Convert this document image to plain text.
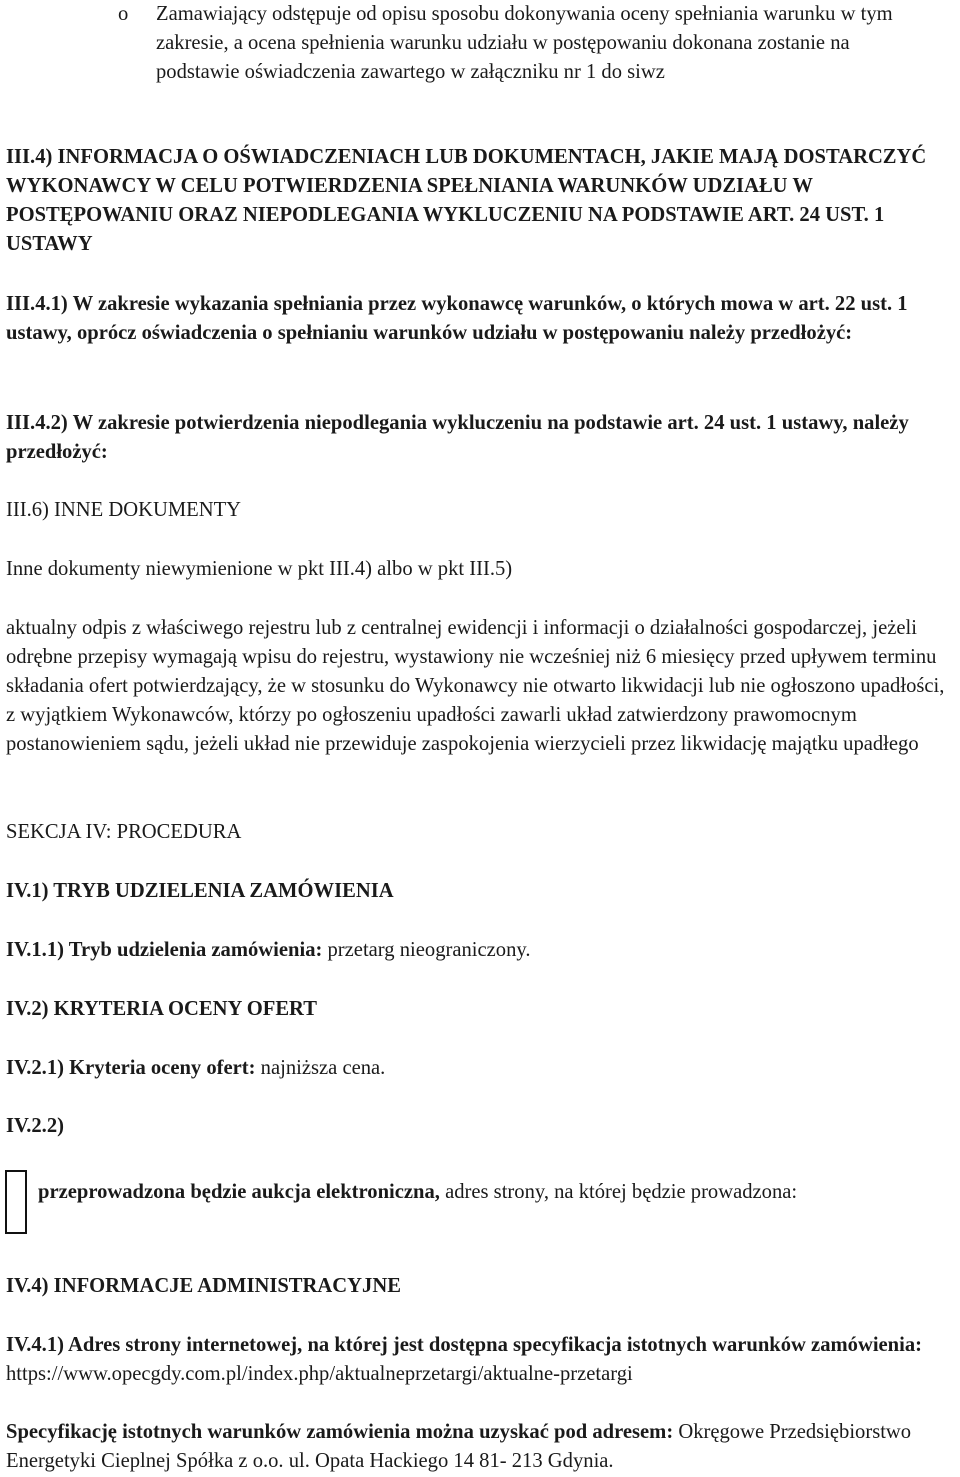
o Zamawiający odstępuje od opisu sposobu dokonywania oceny spełniania warunku w tym zakresie, a ocena spełnienia warunku udziału w postępowaniu dokonana zostanie na podstawie oświadczenia zawartego w załączniku nr 1 do siwz
III.4) INFORMACJA O OŚWIADCZENIACH LUB DOKUMENTACH, JAKIE MAJĄ DOSTARCZYĆ WYKONAWCY W CELU POTWIERDZENIA SPEŁNIANIA WARUNKÓW UDZIAŁU W POSTĘPOWANIU ORAZ NIEPODLEGANIA WYKLUCZENIU NA PODSTAWIE ART. 24 UST. 1 USTAWY
III.4.1) W zakresie wykazania spełniania przez wykonawcę warunków, o których mowa w art. 22 ust. 1 ustawy, oprócz oświadczenia o spełnianiu warunków udziału w postępowaniu należy przedłożyć:
III.4.2) W zakresie potwierdzenia niepodlegania wykluczeniu na podstawie art. 24 ust. 1 ustawy, należy przedłożyć:
III.6) INNE DOKUMENTY
Inne dokumenty niewymienione w pkt III.4) albo w pkt III.5)
aktualny odpis z właściwego rejestru lub z centralnej ewidencji i informacji o działalności gospodarczej, jeżeli odrębne przepisy wymagają wpisu do rejestru, wystawiony nie wcześniej niż 6 miesięcy przed upływem terminu składania ofert potwierdzający, że w stosunku do Wykonawcy nie otwarto likwidacji lub nie ogłoszono upadłości, z wyjątkiem Wykonawców, którzy po ogłoszeniu upadłości zawarli układ zatwierdzony prawomocnym postanowieniem sądu, jeżeli układ nie przewiduje zaspokojenia wierzycieli przez likwidację majątku upadłego
SEKCJA IV: PROCEDURA
IV.1) TRYB UDZIELENIA ZAMÓWIENIA
IV.1.1) Tryb udzielenia zamówienia: przetarg nieograniczony.
IV.2) KRYTERIA OCENY OFERT
IV.2.1) Kryteria oceny ofert: najniższa cena.
IV.2.2)
przeprowadzona będzie aukcja elektroniczna, adres strony, na której będzie prowadzona:
IV.4) INFORMACJE ADMINISTRACYJNE
IV.4.1) Adres strony internetowej, na której jest dostępna specyfikacja istotnych warunków zamówienia: https://www.opecgdy.com.pl/index.php/aktualneprzetargi/aktualne-przetargi
Specyfikację istotnych warunków zamówienia można uzyskać pod adresem: Okręgowe Przedsiębiorstwo Energetyki Cieplnej Spółka z o.o. ul. Opata Hackiego 14 81- 213 Gdynia.
